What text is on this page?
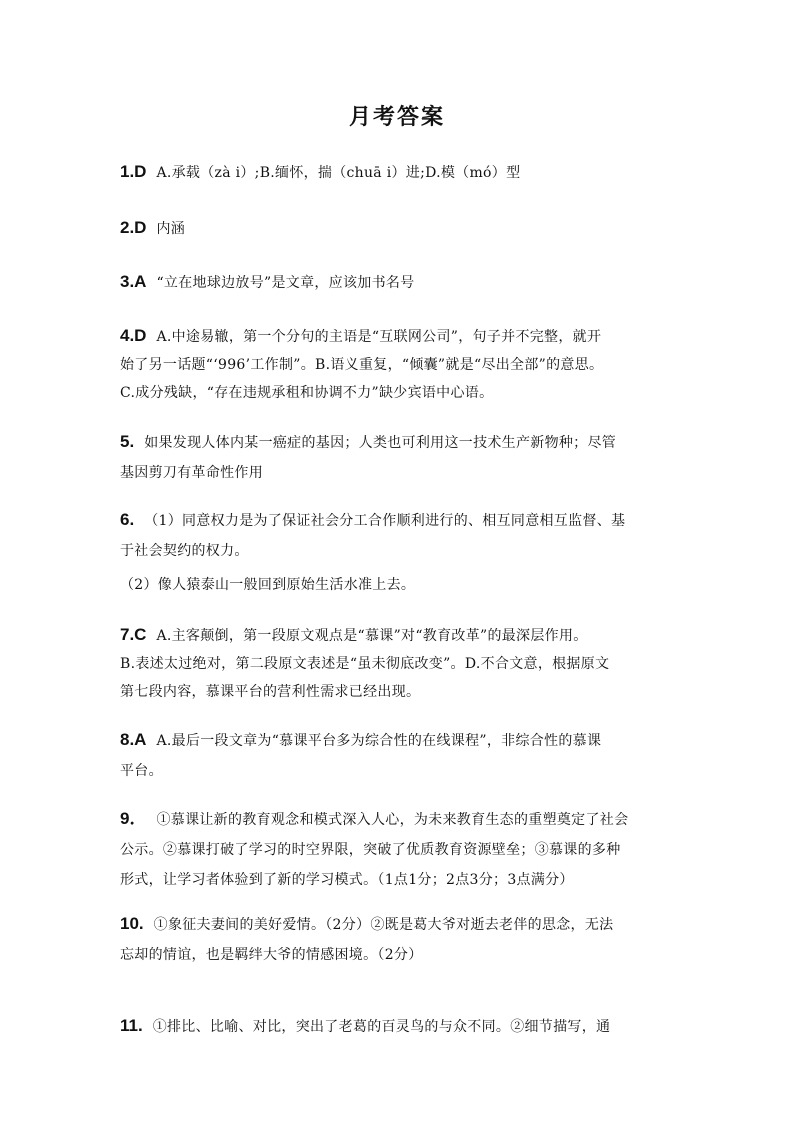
月考答案

1.D A.承载（zà i）;B.缅怀，揣（chuā i）进;D.模（mó）型

2.D 内涵

3.A “立在地球边放号”是文章，应该加书名号

4.D A.中途易辙，第一个分句的主语是“互联网公司”，句子并不完整，就开

始了另一话题“‘996’工作制”。B.语义重复，“倾囊”就是“尽出全部”的意思。

C.成分残缺，“存在违规承租和协调不力”缺少宾语中心语。

5. 如果发现人体内某一癌症的基因；人类也可利用这一技术生产新物种；尽管

基因剪刀有革命性作用

6. （1）同意权力是为了保证社会分工合作顺利进行的、相互同意相互监督、基

于社会契约的权力。

（2）像人猿泰山一般回到原始生活水准上去。

7.C A.主客颠倒，第一段原文观点是“慕课”对“教育改革”的最深层作用。

B.表述太过绝对，第二段原文表述是“虽未彻底改变”。D.不合文意，根据原文

第七段内容，慕课平台的营利性需求已经出现。

8.A A.最后一段文章为“慕课平台多为综合性的在线课程”，非综合性的慕课

平台。

9． ①慕课让新的教育观念和模式深入人心，为未来教育生态的重塑奠定了社会

公示。②慕课打破了学习的时空界限，突破了优质教育资源壁垒；③慕课的多种

形式，让学习者体验到了新的学习模式。（1点1分；2点3分；3点满分）

10. ①象征夫妻间的美好爱情。（2分）②既是葛大爷对逝去老伴的思念，无法

忘却的情谊，也是羁绊大爷的情感困境。（2分）

11. ①排比、比喻、对比，突出了老葛的百灵鸟的与众不同。②细节描写，通
